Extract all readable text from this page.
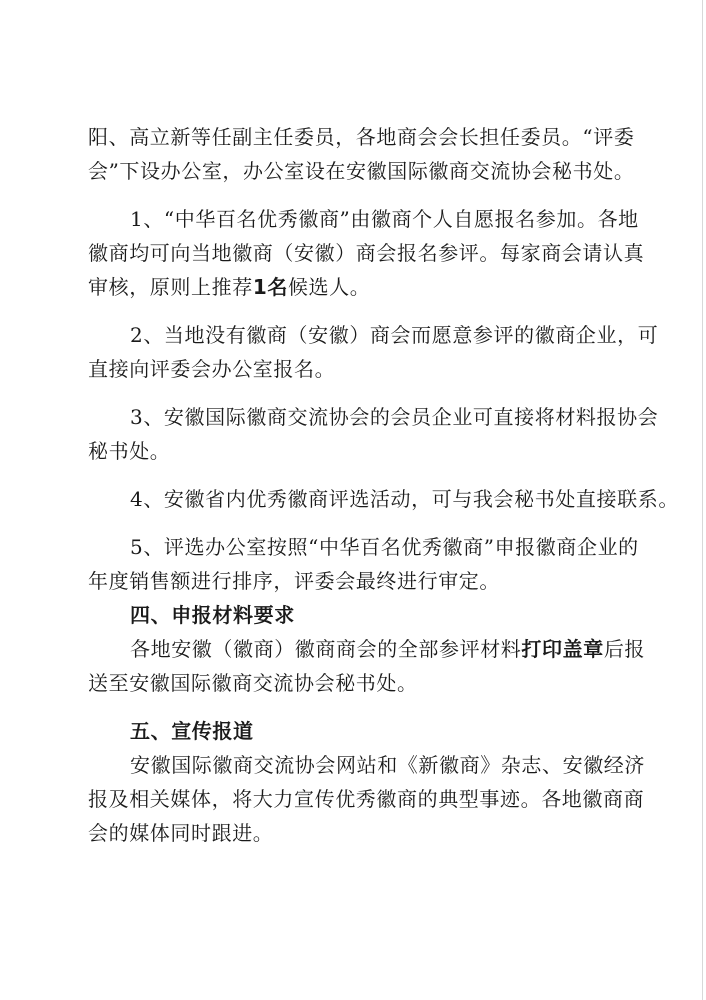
阳、高立新等任副主任委员，各地商会会长担任委员。“评委
会”下设办公室，办公室设在安徽国际徽商交流协会秘书处。
1、“中华百名优秀徽商”由徽商个人自愿报名参加。各地
徽商均可向当地徽商（安徽）商会报名参评。每家商会请认真
审核，原则上推荐1名候选人。
2、当地没有徽商（安徽）商会而愿意参评的徽商企业，可
直接向评委会办公室报名。
3、安徽国际徽商交流协会的会员企业可直接将材料报协会
秘书处。
4、安徽省内优秀徽商评选活动，可与我会秘书处直接联系。
5、评选办公室按照“中华百名优秀徽商”申报徽商企业的
年度销售额进行排序，评委会最终进行审定。
四、申报材料要求
各地安徽（徽商）徽商商会的全部参评材料打印盖章后报
送至安徽国际徽商交流协会秘书处。
五、宣传报道
安徽国际徽商交流协会网站和《新徽商》杂志、安徽经济
报及相关媒体，将大力宣传优秀徽商的典型事迹。各地徽商商
会的媒体同时跟进。
